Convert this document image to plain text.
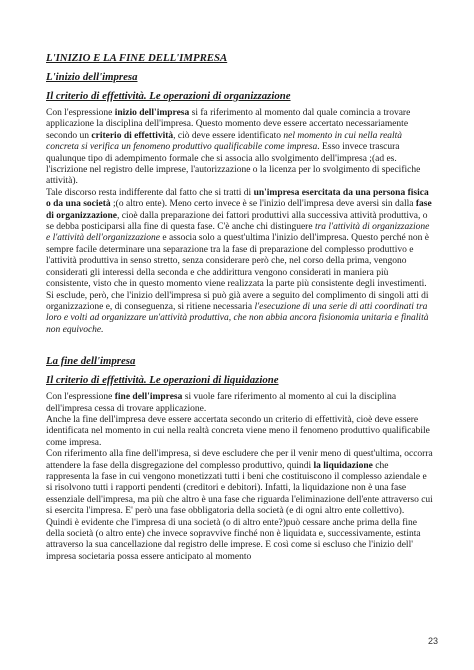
L'INIZIO E LA FINE DELL'IMPRESA
L'inizio dell'impresa
Il criterio di effettività. Le operazioni di organizzazione

Con l'espressione inizio dell'impresa si fa riferimento al momento dal quale comincia a trovare applicazione la disciplina dell'impresa. Questo momento deve essere accertato necessariamente secondo un criterio di effettività, ciò deve essere identificato nel momento in cui nella realtà concreta si verifica un fenomeno produttivo qualificabile come impresa. Esso invece trascura qualunque tipo di adempimento formale che si associa allo svolgimento dell'impresa ;(ad es. l'iscrizione nel registro delle imprese, l'autorizzazione o la licenza per lo svolgimento di specifiche attività).

Tale discorso resta indifferente dal fatto che si tratti di un'impresa esercitata da una persona fisica o da una società ;(o altro ente). Meno certo invece è se l'inizio dell'impresa deve aversi sin dalla fase di organizzazione, cioè dalla preparazione dei fattori produttivi alla successiva attività produttiva, o se debba posticiparsi alla fine di questa fase. C'è anche chi distinguere tra l'attività di organizzazione e l'attività dell'organizzazione e associa solo a quest'ultima l'inizio dell'impresa. Questo perché non è sempre facile determinare una separazione tra la fase di preparazione del complesso produttivo e l'attività produttiva in senso stretto, senza considerare però che, nel corso della prima, vengono considerati gli interessi della seconda e che addirittura vengono considerati in maniera più consistente, visto che in questo momento viene realizzata la parte più consistente degli investimenti.

Si esclude, però, che l'inizio dell'impresa si può già avere a seguito del complimento di singoli atti di organizzazione e, di conseguenza, si ritiene necessaria l'esecuzione di una serie di atti coordinati tra loro e volti ad organizzare un'attività produttiva, che non abbia ancora fisionomia unitaria e finalità non equivoche.

La fine dell'impresa
Il criterio di effettività. Le operazioni di liquidazione

Con l'espressione fine dell'impresa si vuole fare riferimento al momento al cui la disciplina dell'impresa cessa di trovare applicazione.

Anche la fine dell'impresa deve essere accertata secondo un criterio di effettività, cioè deve essere identificata nel momento in cui nella realtà concreta viene meno il fenomeno produttivo qualificabile come impresa.

Con riferimento alla fine dell'impresa, si deve escludere che per il venir meno di quest'ultima, occorra attendere la fase della disgregazione del complesso produttivo, quindi la liquidazione che rappresenta la fase in cui vengono monetizzati tutti i beni che costituiscono il complesso aziendale e si risolvono tutti i rapporti pendenti (creditori e debitori). Infatti, la liquidazione non è una fase essenziale dell'impresa, ma più che altro è una fase che riguarda l'eliminazione dell'ente attraverso cui si esercita l'impresa. E' però una fase obbligatoria della società (e di ogni altro ente collettivo).

Quindi è evidente che l'impresa di una società (o di altro ente?)può cessare anche prima della fine della società (o altro ente) che invece sopravvive finché non è liquidata e, successivamente, estinta attraverso la sua cancellazione dal registro delle imprese. E così come si escluso che l'inizio dell' impresa societaria possa essere anticipato al momento

23
